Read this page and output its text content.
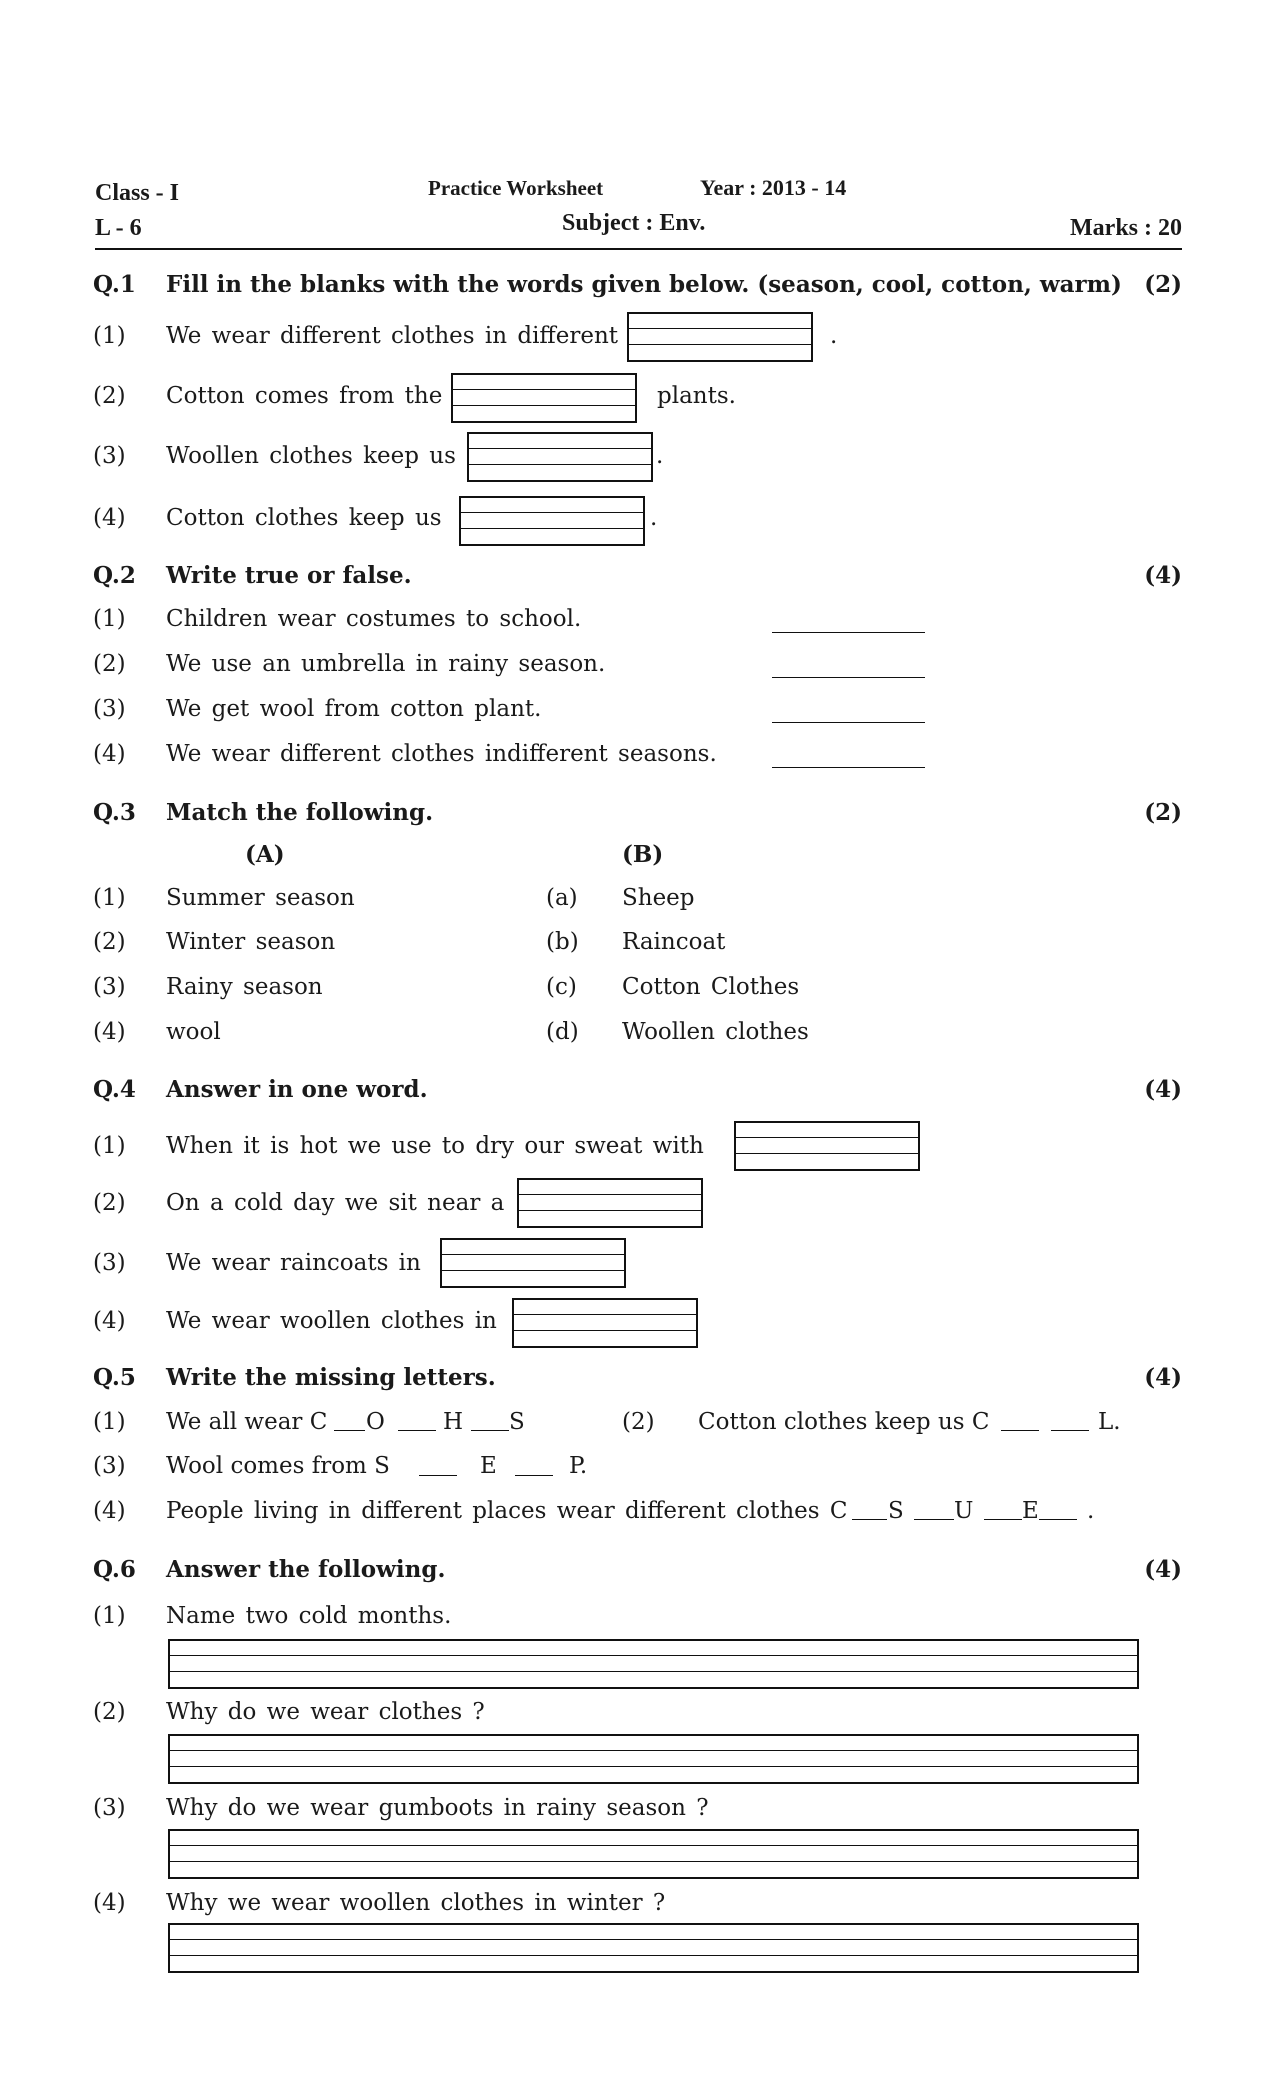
Class - I
L - 6
Practice Worksheet	Year : 2013 - 14
Subject : Env.	Marks : 20
Q.1 Fill in the blanks with the words given below. (season, cool, cotton, warm) (2)
(1) We wear different clothes in different	.
(2) Cotton comes from the	plants.
(3) Woollen clothes keep us	.
(4) Cotton clothes keep us	.
Q.2 Write true or false.	(4)
(1) Children wear costumes to school.
(2) We use an umbrella in rainy season.
(3) We get wool from cotton plant.
(4) We wear different clothes indifferent seasons.
Q.3 Match the following.	(2)
(A)	(B)
(1) Summer season	(a) Sheep
(2) Winter season	(b) Raincoat
(3) Rainy season	(c) Cotton Clothes
(4) wool	(d) Woollen clothes
Q.4 Answer in one word.	(4)
(1) When it is hot we use to dry our sweat with
(2) On a cold day we sit near a
(3) We wear raincoats in
(4) We wear woollen clothes in
Q.5 Write the missing letters.	(4)
(1) We all wear C O	H S	(2) Cotton clothes keep us C	L.
(3) Wool comes from S	E	P.
(4) People living in different places wear different clothes C S U E .
Q.6 Answer the following.	(4)
(1) Name two cold months.
(2) Why do we wear clothes ?
(3) Why do we wear gumboots in rainy season ?
(4) Why we wear woollen clothes in winter ?
